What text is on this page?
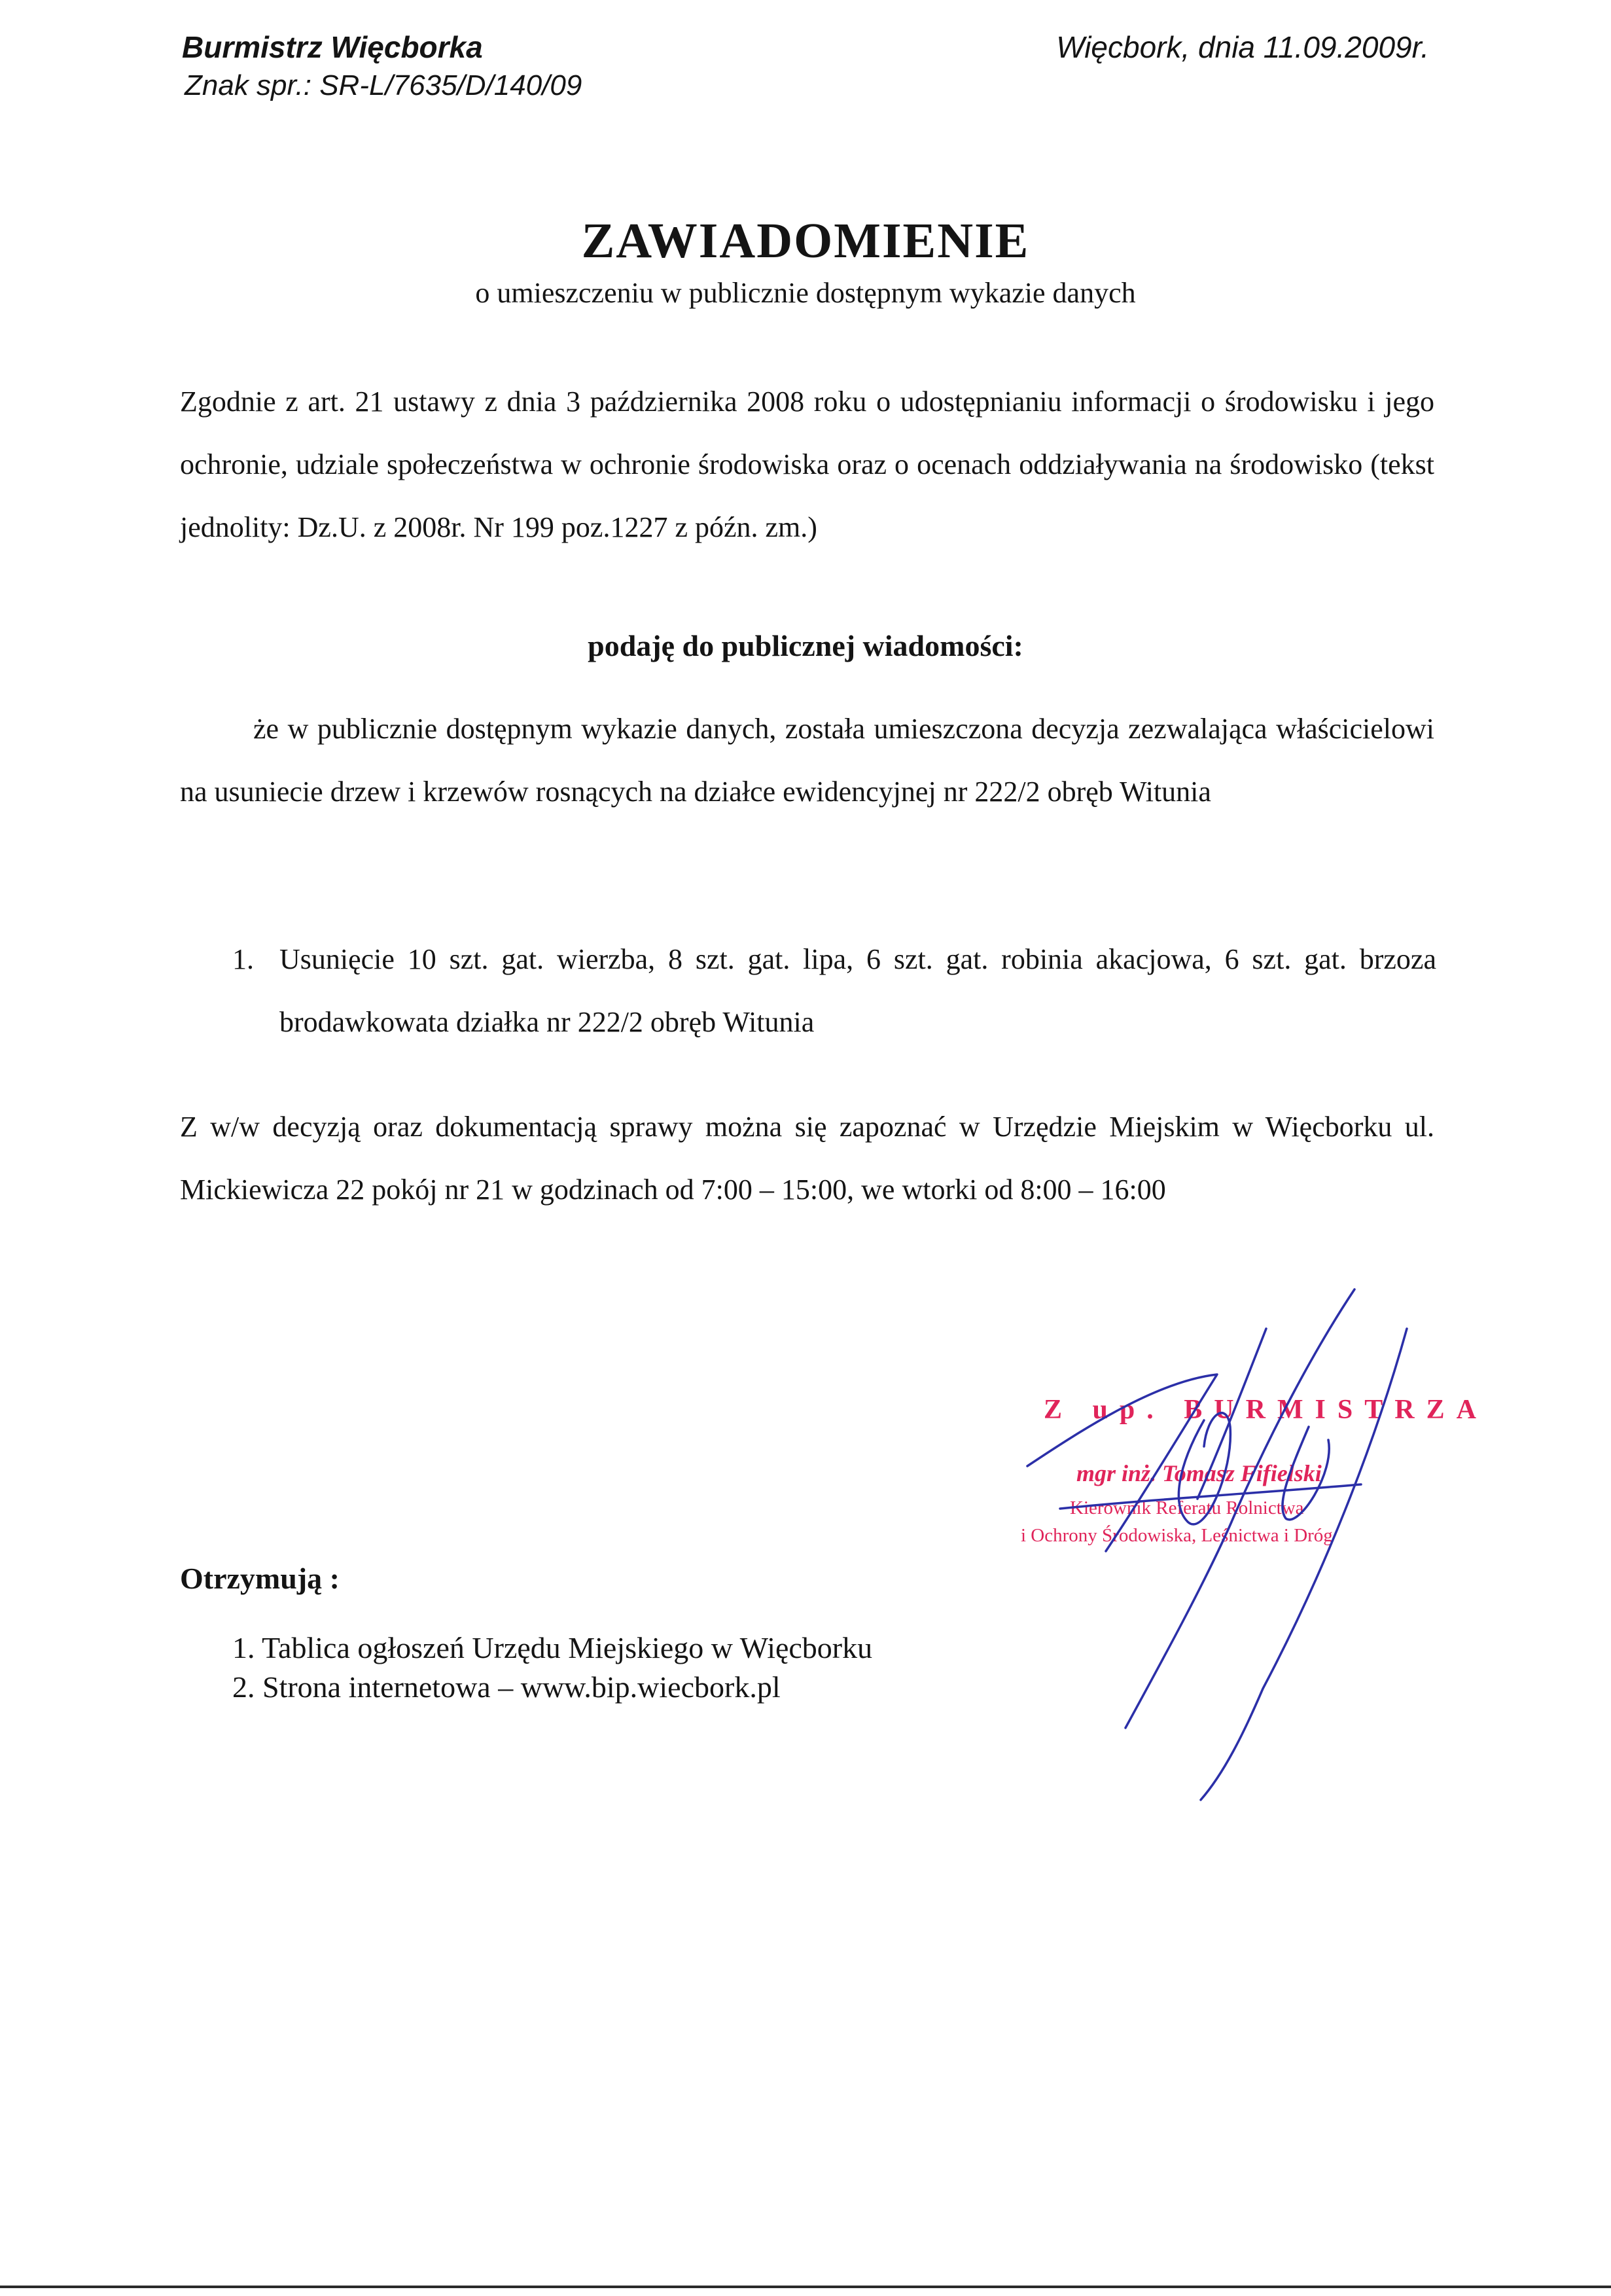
Burmistrz Więcborka
Znak spr.: SR-L/7635/D/140/09
Więcbork, dnia 11.09.2009r.
ZAWIADOMIENIE
o umieszczeniu w publicznie dostępnym wykazie danych
Zgodnie z art. 21 ustawy z dnia 3 października 2008 roku o udostępnianiu informacji o środowisku i jego ochronie, udziale społeczeństwa w ochronie środowiska oraz o ocenach oddziaływania na środowisko (tekst jednolity: Dz.U. z 2008r. Nr 199 poz.1227 z późn. zm.)
podaję do publicznej wiadomości:
że w publicznie dostępnym wykazie danych, została umieszczona decyzja zezwalająca właścicielowi na usuniecie drzew i krzewów rosnących na działce ewidencyjnej nr 222/2 obręb Witunia
1. Usunięcie 10 szt. gat. wierzba, 8 szt. gat. lipa, 6 szt. gat. robinia akacjowa, 6 szt. gat. brzoza brodawkowata działka nr 222/2 obręb Witunia
Z w/w decyzją oraz dokumentacją sprawy można się zapoznać w Urzędzie Miejskim w Więcborku ul. Mickiewicza 22 pokój nr 21 w godzinach od 7:00 – 15:00, we wtorki od 8:00 – 16:00
Z up. BURMISTRZA
mgr inż. Tomasz Fifielski
Kierownik Referatu Rolnictwa
i Ochrony Środowiska, Leśnictwa i Dróg
Otrzymują :
1. Tablica ogłoszeń Urzędu Miejskiego w Więcborku
2. Strona internetowa – www.bip.wiecbork.pl
